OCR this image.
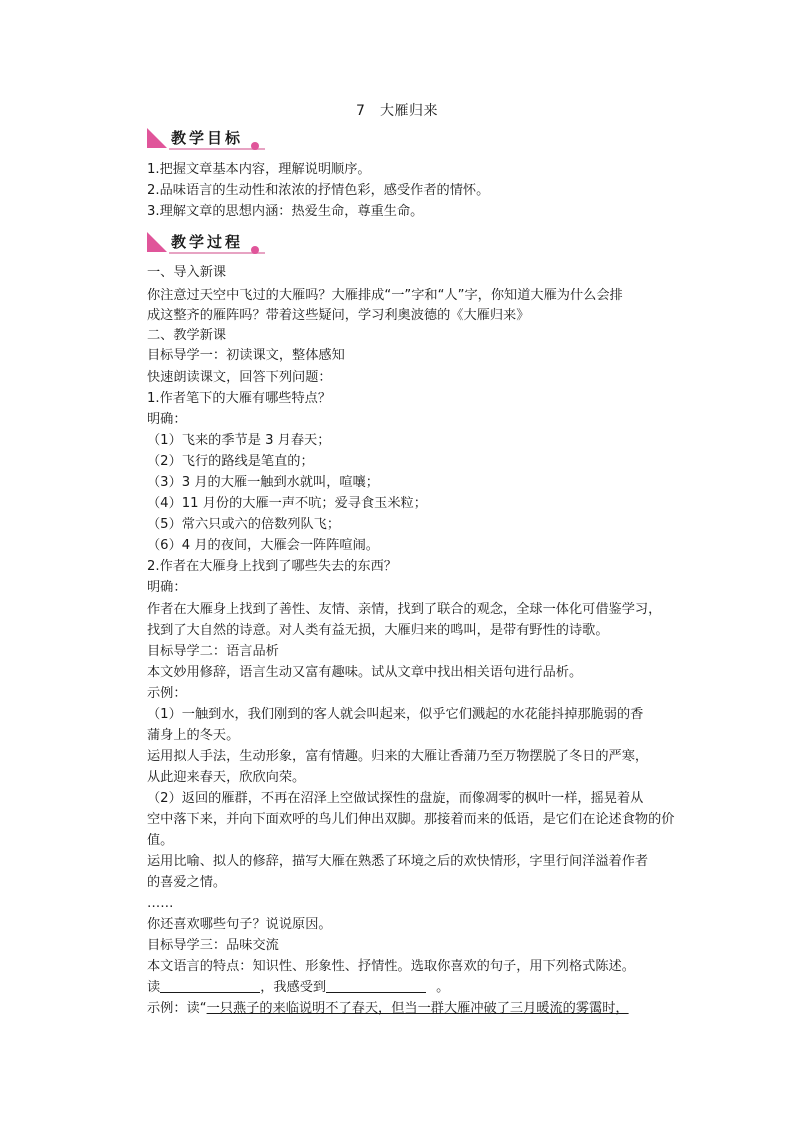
7　大雁归来
教学目标
1.把握文章基本内容，理解说明顺序。
2.品味语言的生动性和浓浓的抒情色彩，感受作者的情怀。
3.理解文章的思想内涵：热爱生命，尊重生命。
教学过程
一、导入新课
你注意过天空中飞过的大雁吗？大雁排成“一”字和“人”字，你知道大雁为什么会排
成这整齐的雁阵吗？带着这些疑问，学习利奥波德的《大雁归来》
二、教学新课
目标导学一：初读课文，整体感知
快速朗读课文，回答下列问题：
1.作者笔下的大雁有哪些特点？
明确：
（1）飞来的季节是 3 月春天；
（2）飞行的路线是笔直的；
（3）3 月的大雁一触到水就叫，喧嚷；
（4）11 月份的大雁一声不吭；爱寻食玉米粒；
（5）常六只或六的倍数列队飞；
（6）4 月的夜间，大雁会一阵阵喧闹。
2.作者在大雁身上找到了哪些失去的东西？
明确：
作者在大雁身上找到了善性、友情、亲情，找到了联合的观念，全球一体化可借鉴学习，
找到了大自然的诗意。对人类有益无损，大雁归来的鸣叫，是带有野性的诗歌。
目标导学二：语言品析
本文妙用修辞，语言生动又富有趣味。试从文章中找出相关语句进行品析。
示例：
（1）一触到水，我们刚到的客人就会叫起来，似乎它们溅起的水花能抖掉那脆弱的香
蒲身上的冬天。
运用拟人手法，生动形象，富有情趣。归来的大雁让香蒲乃至万物摆脱了冬日的严寒，
从此迎来春天，欣欣向荣。
（2）返回的雁群，不再在沼泽上空做试探性的盘旋，而像凋零的枫叶一样，摇晃着从
空中落下来，并向下面欢呼的鸟儿们伸出双脚。那接着而来的低语，是它们在论述食物的价
值。
运用比喻、拟人的修辞，描写大雁在熟悉了环境之后的欢快情形，字里行间洋溢着作者
的喜爱之情。
……
你还喜欢哪些句子？说说原因。
目标导学三：品味交流
本文语言的特点：知识性、形象性、抒情性。选取你喜欢的句子，用下列格式陈述。
读	，我感受到	。
示例：读“一只燕子的来临说明不了春天，但当一群大雁冲破了三月暖流的雾霭时，
